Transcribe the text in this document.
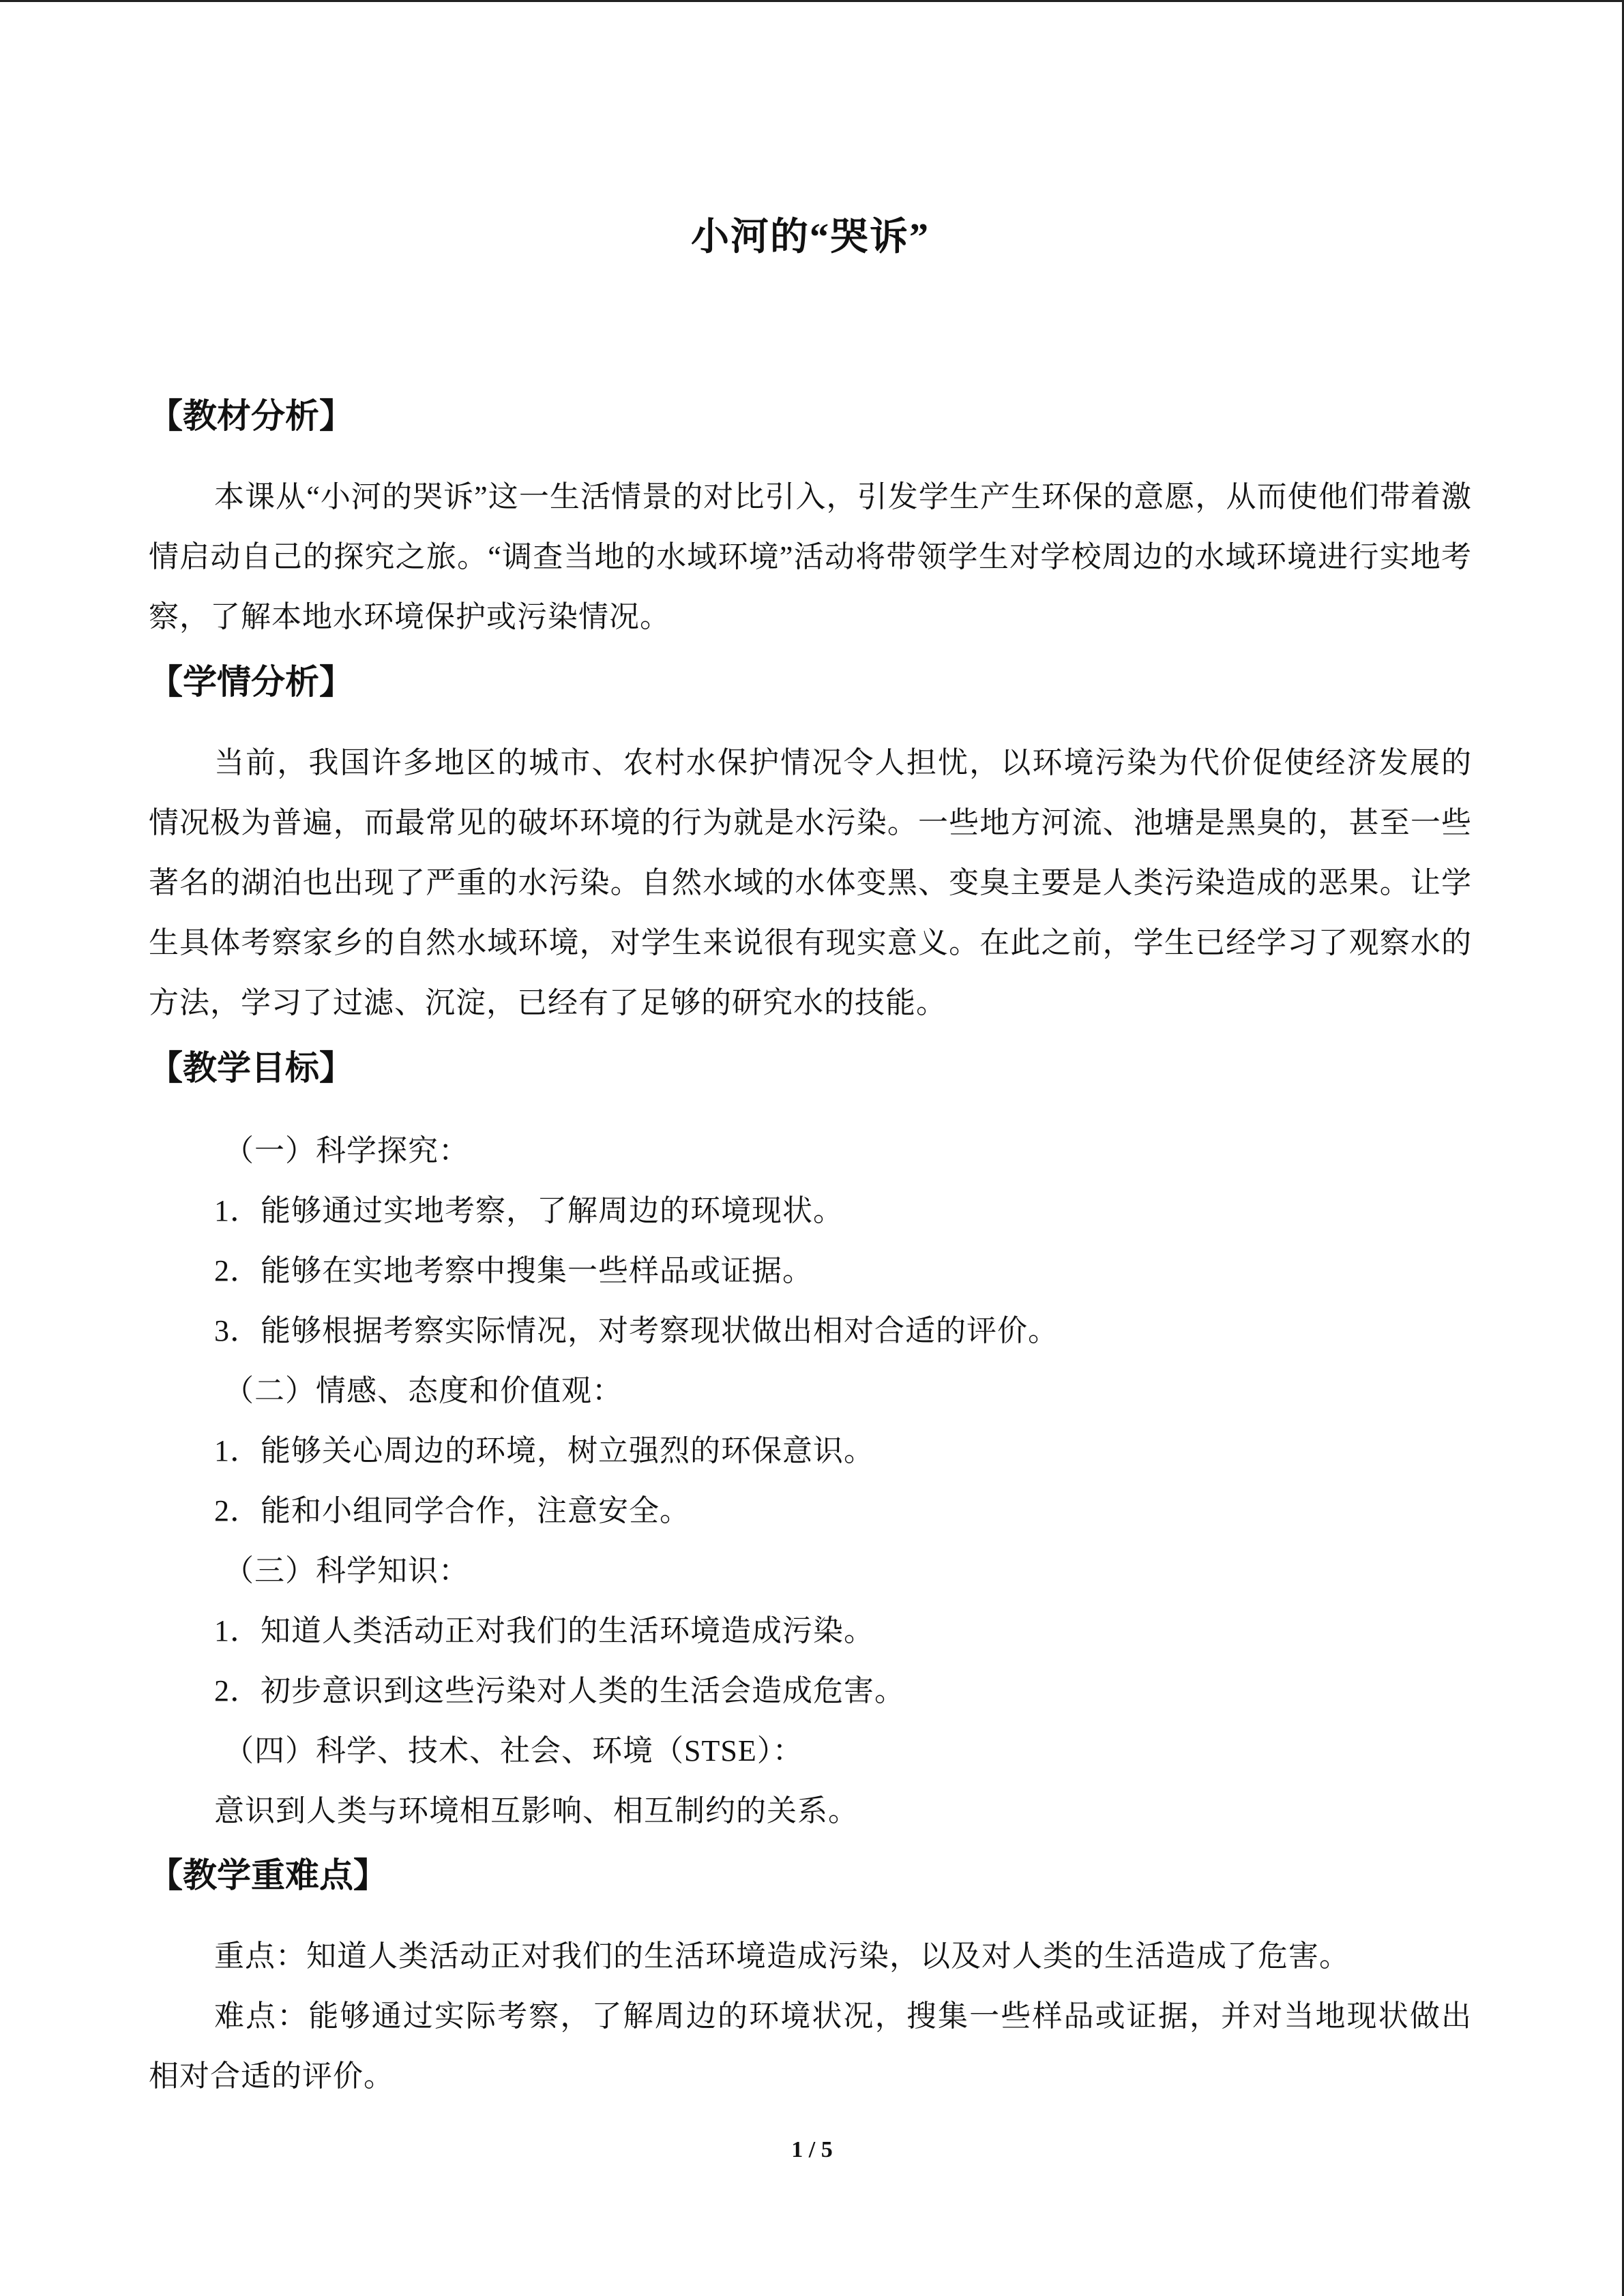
小河的“哭诉”
【教材分析】
本课从“小河的哭诉”这一生活情景的对比引入，引发学生产生环保的意愿，从而使他们带着激情启动自己的探究之旅。“调查当地的水域环境”活动将带领学生对学校周边的水域环境进行实地考察，了解本地水环境保护或污染情况。
【学情分析】
当前，我国许多地区的城市、农村水保护情况令人担忧，以环境污染为代价促使经济发展的情况极为普遍，而最常见的破坏环境的行为就是水污染。一些地方河流、池塘是黑臭的，甚至一些著名的湖泊也出现了严重的水污染。自然水域的水体变黑、变臭主要是人类污染造成的恶果。让学生具体考察家乡的自然水域环境，对学生来说很有现实意义。在此之前，学生已经学习了观察水的方法，学习了过滤、沉淀，已经有了足够的研究水的技能。
【教学目标】
（一）科学探究：
1．能够通过实地考察，了解周边的环境现状。
2．能够在实地考察中搜集一些样品或证据。
3．能够根据考察实际情况，对考察现状做出相对合适的评价。
（二）情感、态度和价值观：
1．能够关心周边的环境，树立强烈的环保意识。
2．能和小组同学合作，注意安全。
（三）科学知识：
1．知道人类活动正对我们的生活环境造成污染。
2．初步意识到这些污染对人类的生活会造成危害。
（四）科学、技术、社会、环境（STSE）：
意识到人类与环境相互影响、相互制约的关系。
【教学重难点】
重点：知道人类活动正对我们的生活环境造成污染，以及对人类的生活造成了危害。
难点：能够通过实际考察，了解周边的环境状况，搜集一些样品或证据，并对当地现状做出相对合适的评价。
1 / 5
